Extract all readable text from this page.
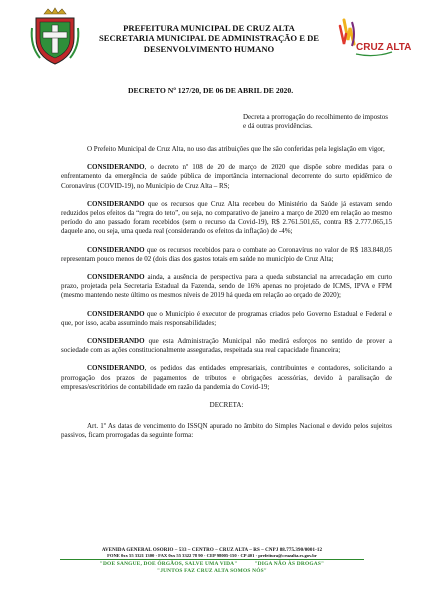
PREFEITURA MUNICIPAL DE CRUZ ALTA
SECRETARIA MUNICIPAL DE ADMINISTRAÇÃO E DE
DESENVOLVIMENTO HUMANO	CRUZ ALTA
DECRETO Nº 127/20, DE 06 DE ABRIL DE 2020.
Decreta a prorrogação do recolhimento de impostos e dá outras providências.

O Prefeito Municipal de Cruz Alta, no uso das atribuições que lhe são conferidas pela legislação em vigor,

CONSIDERANDO, o decreto nº 108 de 20 de março de 2020 que dispõe sobre medidas para o enfrentamento da emergência de saúde pública de importância internacional decorrente do surto epidêmico de Coronavírus (COVID-19), no Município de Cruz Alta – RS;

CONSIDERANDO que os recursos que Cruz Alta recebeu do Ministério da Saúde já estavam sendo reduzidos pelos efeitos da “regra do teto”, ou seja, no comparativo de janeiro a março de 2020 em relação ao mesmo período do ano passado foram recebidos (sem o recurso da Covid-19), R$ 2.761.501,65, contra R$ 2.777.065,15 daquele ano, ou seja, uma queda real (considerando os efeitos da inflação) de -4%;

CONSIDERANDO que os recursos recebidos para o combate ao Coronavírus no valor de R$ 183.848,05 representam pouco menos de 02 (dois dias dos gastos totais em saúde no município de Cruz Alta;

CONSIDERANDO ainda, a ausência de perspectiva para a queda substancial na arrecadação em curto prazo, projetada pela Secretaria Estadual da Fazenda, sendo de 16% apenas no projetado de ICMS, IPVA e FPM (mesmo mantendo neste último os mesmos níveis de 2019 há queda em relação ao orçado de 2020);

CONSIDERANDO que o Município é executor de programas criados pelo Governo Estadual e Federal e que, por isso, acaba assumindo mais responsabilidades;

CONSIDERANDO que esta Administração Municipal não medirá esforços no sentido de prover a sociedade com as ações constitucionalmente asseguradas, respeitada sua real capacidade financeira;

CONSIDERANDO, os pedidos das entidades empresariais, contribuintes e contadores, solicitando a prorrogação dos prazos de pagamentos de tributos e obrigações acessórias, devido à paralisação de empresas/escritórios de contabilidade em razão da pandemia do Covid-19;

DECRETA:

Art. 1º As datas de vencimento do ISSQN apurado no âmbito do Simples Nacional e devido pelos sujeitos passivos, ficam prorrogadas da seguinte forma:

AVENIDA GENERAL OSORIO – 533 – CENTRO – CRUZ ALTA – RS – CNPJ 88.775.390/0001-12
FONE 0xx 55 3321 1300 · FAX 0xx 55 3322 78 90 · CEP 98005-150 · CP 401 · prefeitura@cruzalta.rs.gov.br
"DOE SANGUE, DOE ÓRGÃOS, SALVE UMA VIDA"           "DIGA NÃO ÀS DROGAS"
"JUNTOS FAZ CRUZ ALTA SOMOS NÓS"
